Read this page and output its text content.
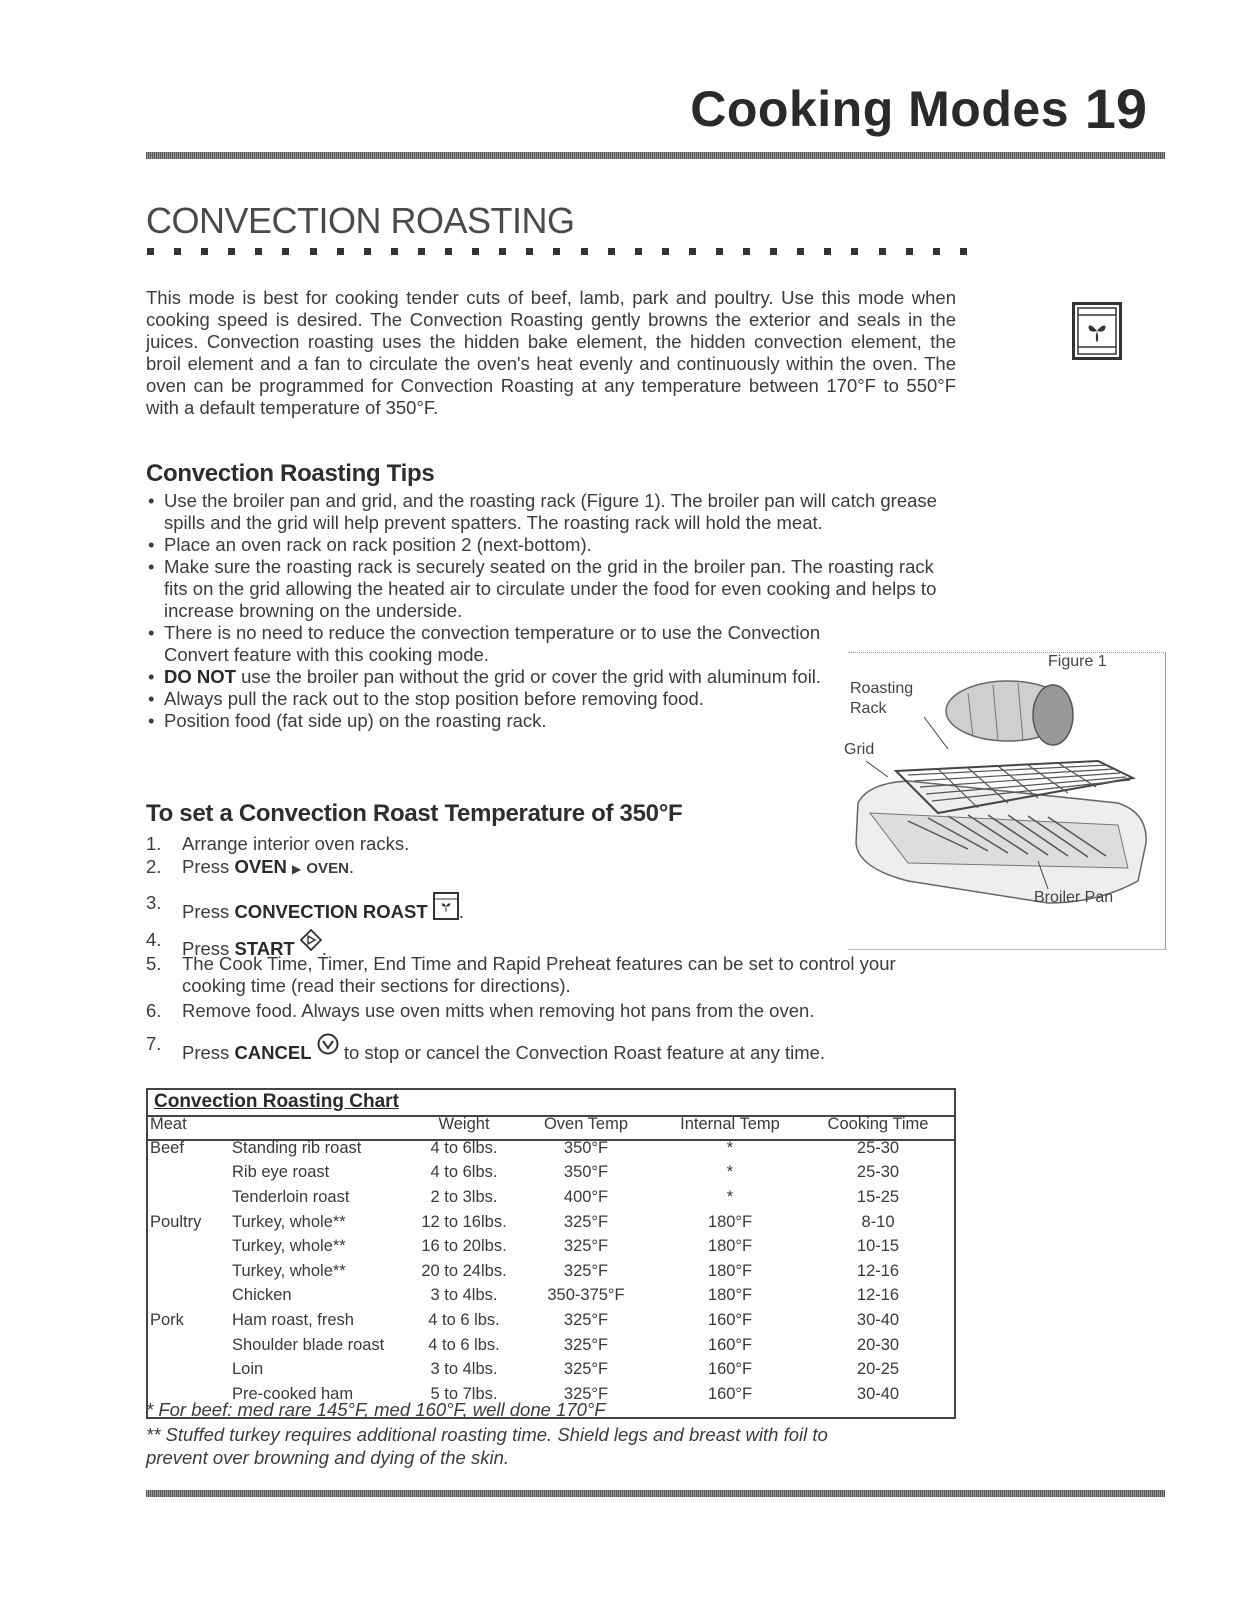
Cooking Modes 19
CONVECTION ROASTING
This mode is best for cooking tender cuts of beef, lamb, park and poultry. Use this mode when cooking speed is desired. The Convection Roasting gently browns the exterior and seals in the juices. Convection roasting uses the hidden bake element, the hidden convection element, the broil element and a fan to circulate the oven's heat evenly and continuously within the oven. The oven can be programmed for Convection Roasting at any temperature between 170°F to 550°F with a default temperature of 350°F.
Convection Roasting Tips
• Use the broiler pan and grid, and the roasting rack (Figure 1). The broiler pan will catch grease spills and the grid will help prevent spatters. The roasting rack will hold the meat.
• Place an oven rack on rack position 2 (next-bottom).
• Make sure the roasting rack is securely seated on the grid in the broiler pan. The roasting rack fits on the grid allowing the heated air to circulate under the food for even cooking and helps to increase browning on the underside.
• There is no need to reduce the convection temperature or to use the Convection Convert feature with this cooking mode.
• DO NOT use the broiler pan without the grid or cover the grid with aluminum foil.
• Always pull the rack out to the stop position before removing food.
• Position food (fat side up) on the roasting rack.
Figure 1
Roasting Rack
Grid
Broiler Pan
To set a Convection Roast Temperature of 350°F
1. Arrange interior oven racks.
2. Press OVEN ▶ OVEN.
3. Press CONVECTION ROAST .
4. Press START .
5. The Cook Time, Timer, End Time and Rapid Preheat features can be set to control your cooking time (read their sections for directions).
6. Remove food. Always use oven mitts when removing hot pans from the oven.
7. Press CANCEL to stop or cancel the Convection Roast feature at any time.
Convection Roasting Chart
Meat		Weight	Oven Temp	Internal Temp	Cooking Time
Beef	Standing rib roast	4 to 6lbs.	350°F	*	25-30
	Rib eye roast	4 to 6lbs.	350°F	*	25-30
	Tenderloin roast	2 to 3lbs.	400°F	*	15-25
Poultry	Turkey, whole**	12 to 16lbs.	325°F	180°F	8-10
	Turkey, whole**	16 to 20lbs.	325°F	180°F	10-15
	Turkey, whole**	20 to 24lbs.	325°F	180°F	12-16
	Chicken	3 to 4lbs.	350-375°F	180°F	12-16
Pork	Ham roast, fresh	4 to 6 lbs.	325°F	160°F	30-40
	Shoulder blade roast	4 to 6 lbs.	325°F	160°F	20-30
	Loin	3 to 4lbs.	325°F	160°F	20-25
	Pre-cooked ham	5 to 7lbs.	325°F	160°F	30-40
* For beef: med rare 145°F, med 160°F, well done 170°F
** Stuffed turkey requires additional roasting time. Shield legs and breast with foil to
prevent over browning and dying of the skin.
